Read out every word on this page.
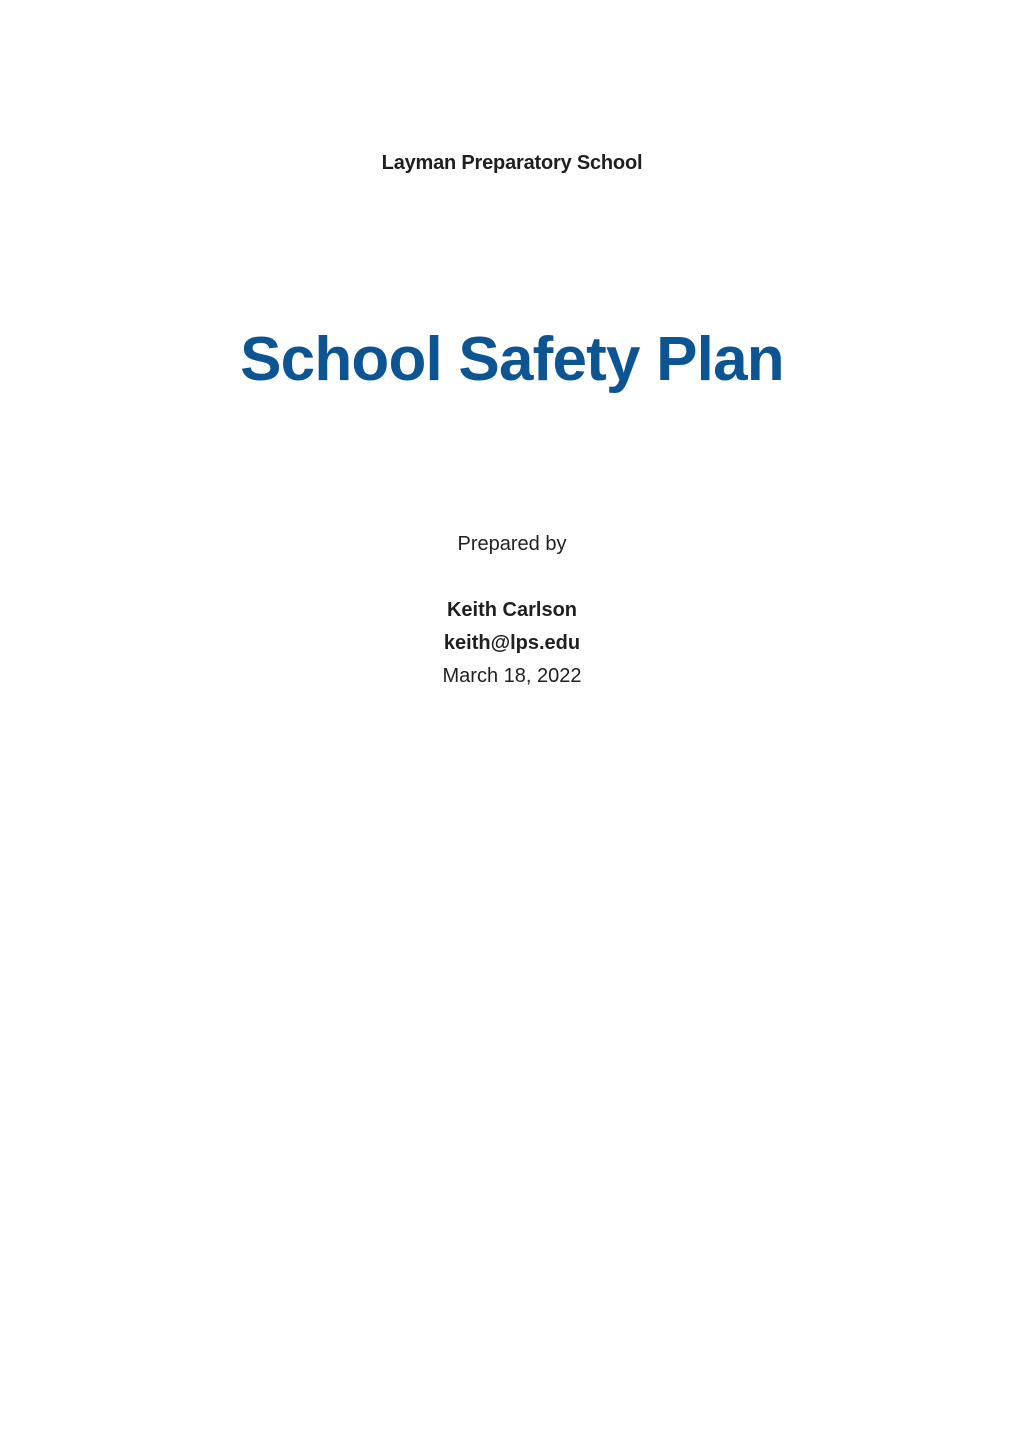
Layman Preparatory School
School Safety Plan
Prepared by
Keith Carlson
keith@lps.edu
March 18, 2022
